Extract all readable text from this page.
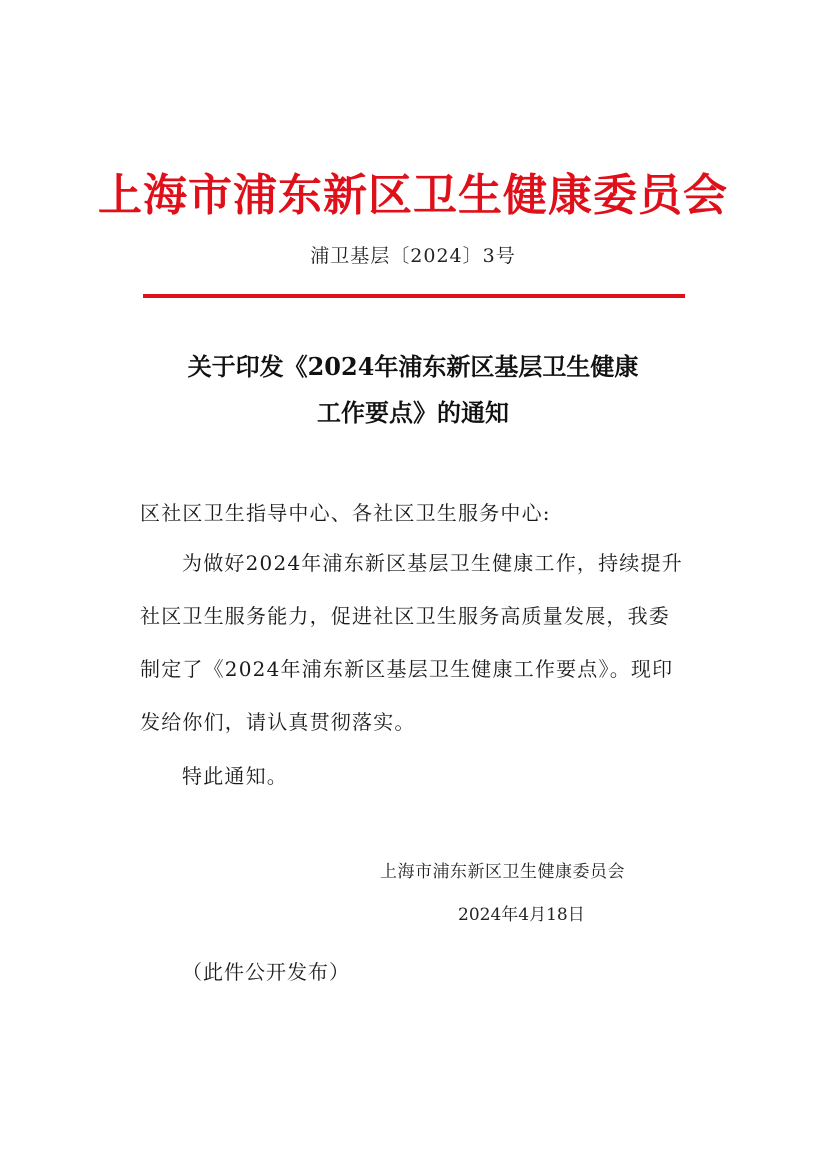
上海市浦东新区卫生健康委员会
浦卫基层〔2024〕3号
关于印发《2024年浦东新区基层卫生健康
工作要点》的通知
区社区卫生指导中心、各社区卫生服务中心:
为做好2024年浦东新区基层卫生健康工作，持续提升
社区卫生服务能力，促进社区卫生服务高质量发展，我委
制定了《2024年浦东新区基层卫生健康工作要点》。现印
发给你们，请认真贯彻落实。
特此通知。
上海市浦东新区卫生健康委员会
2024年4月18日
（此件公开发布）
